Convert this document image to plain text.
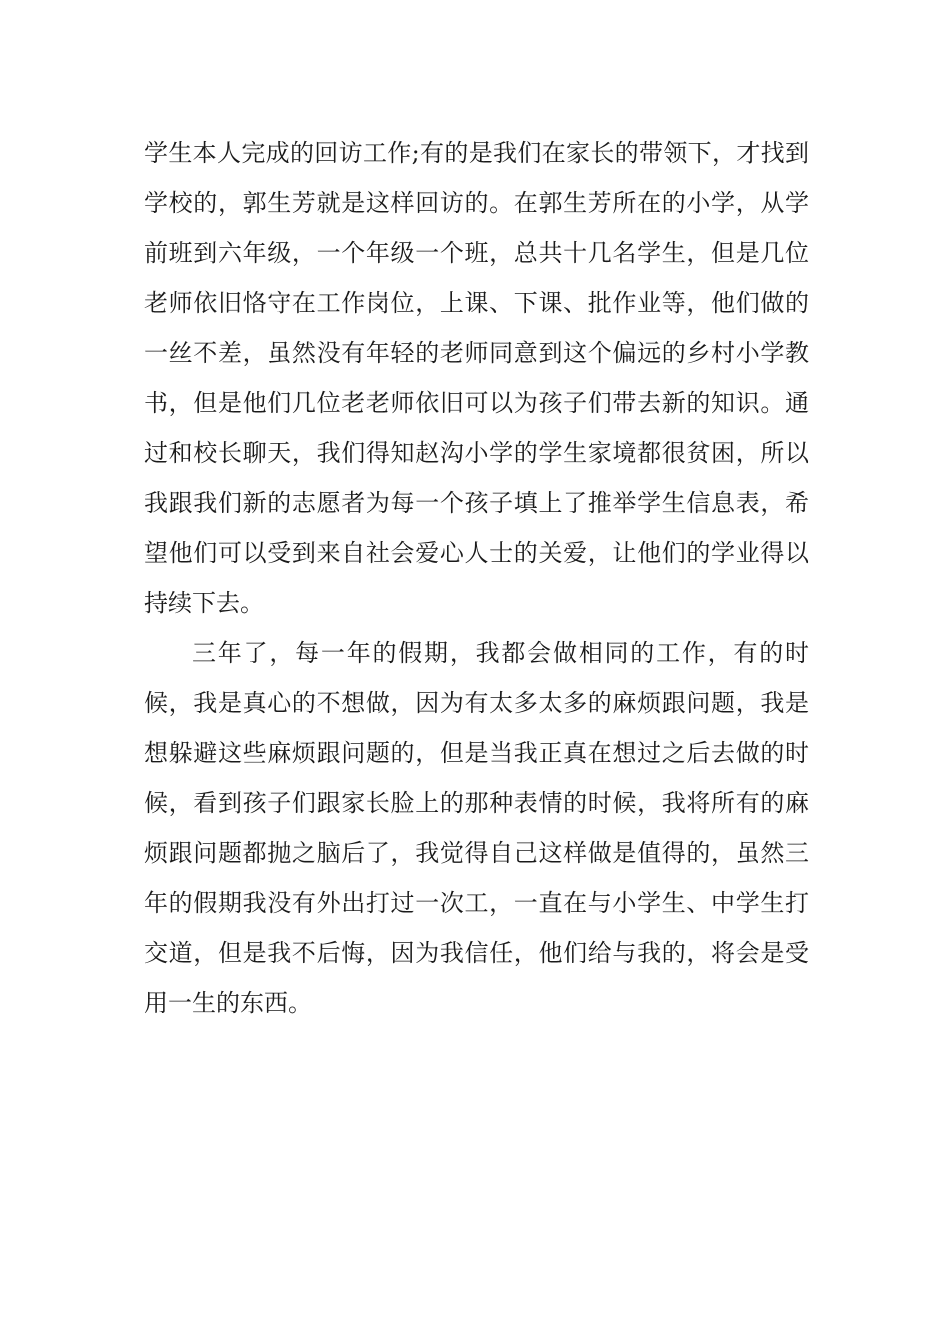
学生本人完成的回访工作;有的是我们在家长的带领下，才找到学校的，郭生芳就是这样回访的。在郭生芳所在的小学，从学前班到六年级，一个年级一个班，总共十几名学生，但是几位老师依旧恪守在工作岗位，上课、下课、批作业等，他们做的一丝不差，虽然没有年轻的老师同意到这个偏远的乡村小学教书，但是他们几位老老师依旧可以为孩子们带去新的知识。通过和校长聊天，我们得知赵沟小学的学生家境都很贫困，所以我跟我们新的志愿者为每一个孩子填上了推举学生信息表，希望他们可以受到来自社会爱心人士的关爱，让他们的学业得以持续下去。

三年了，每一年的假期，我都会做相同的工作，有的时候，我是真心的不想做，因为有太多太多的麻烦跟问题，我是想躲避这些麻烦跟问题的，但是当我正真在想过之后去做的时候，看到孩子们跟家长脸上的那种表情的时候，我将所有的麻烦跟问题都抛之脑后了，我觉得自己这样做是值得的，虽然三年的假期我没有外出打过一次工，一直在与小学生、中学生打交道，但是我不后悔，因为我信任，他们给与我的，将会是受用一生的东西。
